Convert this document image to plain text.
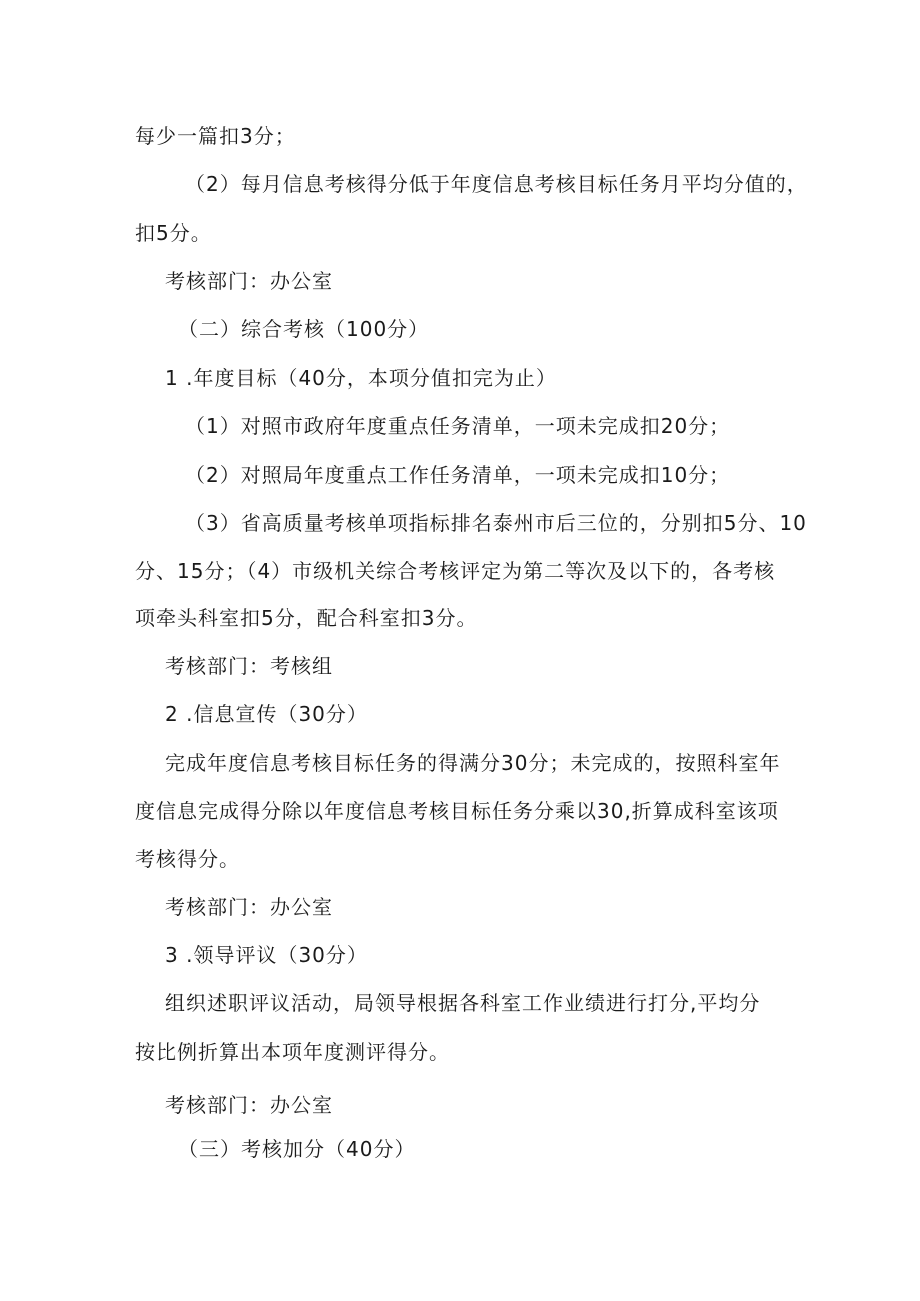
每少一篇扣3分；
（2）每月信息考核得分低于年度信息考核目标任务月平均分值的，
扣5分。
考核部门：办公室
（二）综合考核（100分）
1 .年度目标（40分，本项分值扣完为止）
（1）对照市政府年度重点任务清单，一项未完成扣20分；
（2）对照局年度重点工作任务清单，一项未完成扣10分；
（3）省高质量考核单项指标排名泰州市后三位的，分别扣5分、10
分、15分；（4）市级机关综合考核评定为第二等次及以下的，各考核
项牵头科室扣5分，配合科室扣3分。
考核部门：考核组
2 .信息宣传（30分）
完成年度信息考核目标任务的得满分30分；未完成的，按照科室年
度信息完成得分除以年度信息考核目标任务分乘以30,折算成科室该项
考核得分。
考核部门：办公室
3 .领导评议（30分）
组织述职评议活动，局领导根据各科室工作业绩进行打分,平均分
按比例折算出本项年度测评得分。
考核部门：办公室
（三）考核加分（40分）
